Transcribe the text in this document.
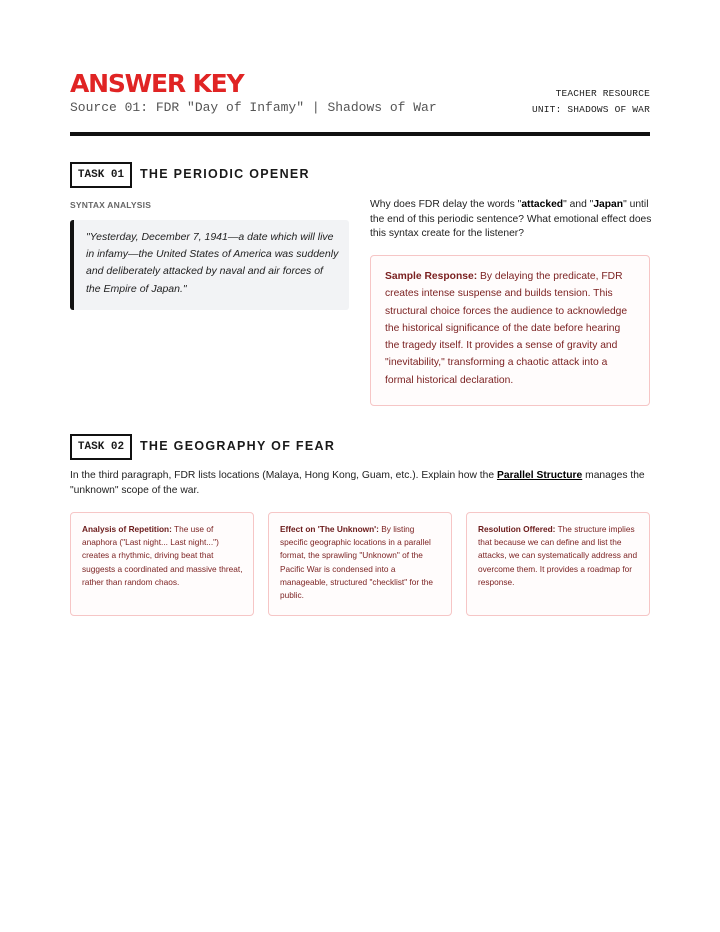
ANSWER KEY
Source 01: FDR "Day of Infamy" | Shadows of War
TEACHER RESOURCE
UNIT: SHADOWS OF WAR
TASK 01	THE PERIODIC OPENER
SYNTAX ANALYSIS
"Yesterday, December 7, 1941—a date which will live in infamy—the United States of America was suddenly and deliberately attacked by naval and air forces of the Empire of Japan."
Why does FDR delay the words "attacked" and "Japan" until the end of this periodic sentence? What emotional effect does this syntax create for the listener?
Sample Response: By delaying the predicate, FDR creates intense suspense and builds tension. This structural choice forces the audience to acknowledge the historical significance of the date before hearing the tragedy itself. It provides a sense of gravity and "inevitability," transforming a chaotic attack into a formal historical declaration.
TASK 02	THE GEOGRAPHY OF FEAR
In the third paragraph, FDR lists locations (Malaya, Hong Kong, Guam, etc.). Explain how the Parallel Structure manages the "unknown" scope of the war.
Analysis of Repetition: The use of anaphora ("Last night... Last night...") creates a rhythmic, driving beat that suggests a coordinated and massive threat, rather than random chaos.
Effect on 'The Unknown': By listing specific geographic locations in a parallel format, the sprawling "Unknown" of the Pacific War is condensed into a manageable, structured "checklist" for the public.
Resolution Offered: The structure implies that because we can define and list the attacks, we can systematically address and overcome them. It provides a roadmap for response.
